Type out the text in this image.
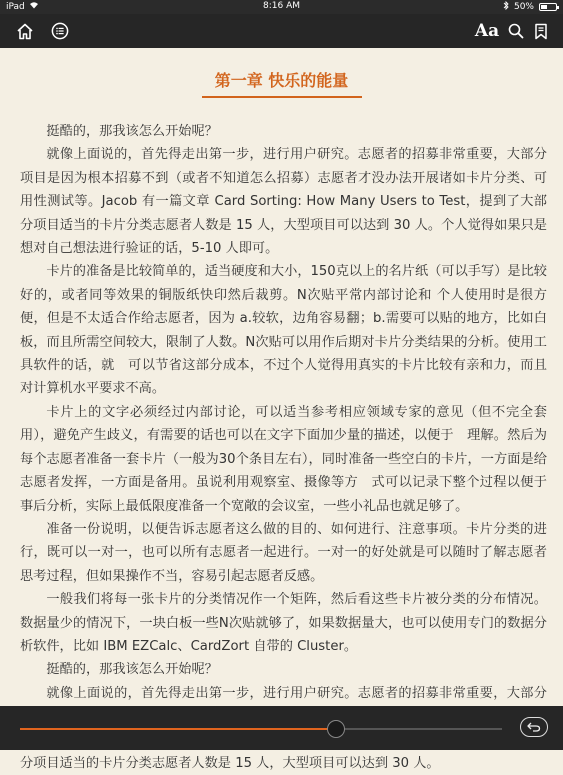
iPad	8:16 AM	50%
Aa
第一章 快乐的能量

挺酷的，那我该怎么开始呢？

就像上面说的，首先得走出第一步，进行用户研究。志愿者的招募非常重要，大部分项目是因为根本招募不到（或者不知道怎么招募）志愿者才没办法开展诸如卡片分类、可用性测试等。Jacob 有一篇文章 Card Sorting: How Many Users to Test，提到了大部分项目适当的卡片分类志愿者人数是 15 人，大型项目可以达到 30 人。个人觉得如果只是想对自己想法进行验证的话，5-10 人即可。

卡片的准备是比较简单的，适当硬度和大小，150克以上的名片纸（可以手写）是比较好的，或者同等效果的铜版纸快印然后裁剪。N次贴平常内部讨论和 个人使用时是很方便，但是不太适合作给志愿者，因为 a.较软，边角容易翻；b.需要可以贴的地方，比如白板，而且所需空间较大，限制了人数。N次贴可以用作后期对卡片分类结果的分析。使用工具软件的话，就　可以节省这部分成本，不过个人觉得用真实的卡片比较有亲和力，而且对计算机水平要求不高。

卡片上的文字必须经过内部讨论，可以适当参考相应领域专家的意见（但不完全套用），避免产生歧义，有需要的话也可以在文字下面加少量的描述，以便于　理解。然后为每个志愿者准备一套卡片（一般为30个条目左右），同时准备一些空白的卡片，一方面是给志愿者发挥，一方面是备用。虽说利用观察室、摄像等方　式可以记录下整个过程以便于事后分析，实际上最低限度准备一个宽敞的会议室，一些小礼品也就足够了。

准备一份说明，以便告诉志愿者这么做的目的、如何进行、注意事项。卡片分类的进行，既可以一对一，也可以所有志愿者一起进行。一对一的好处就是可以随时了解志愿者思考过程，但如果操作不当，容易引起志愿者反感。

一般我们将每一张卡片的分类情况作一个矩阵，然后看这些卡片被分类的分布情况。数据量少的情况下，一块白板一些N次贴就够了，如果数据量大，也可以使用专门的数据分析软件，比如 IBM EZCalc、CardZort 自带的 Cluster。

挺酷的，那我该怎么开始呢？

就像上面说的，首先得走出第一步，进行用户研究。志愿者的招募非常重要，大部分 分项目适当的卡片分类志愿者人数是 15 人，大型项目可以达到 30 人。
